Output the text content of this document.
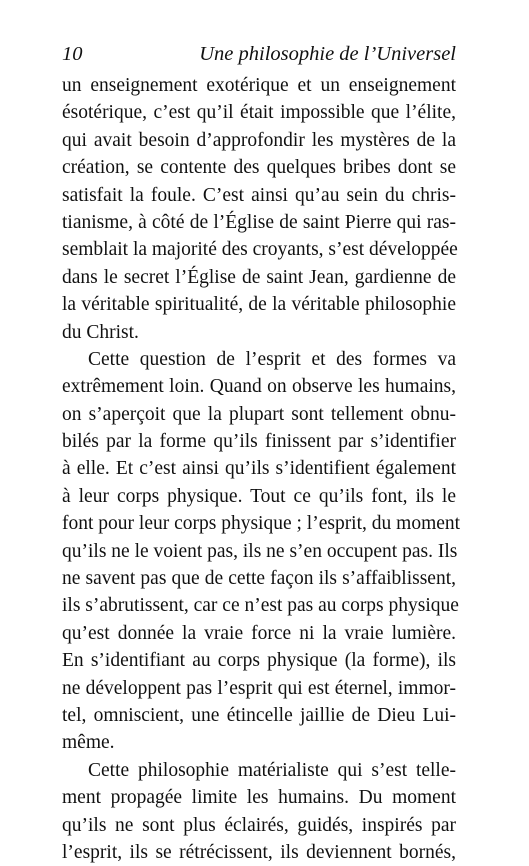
10	Une philosophie de l’Universel
un enseignement exotérique et un enseignement
ésotérique, c’est qu’il était impossible que l’élite,
qui avait besoin d’approfondir les mystères de la
création, se contente des quelques bribes dont se
satisfait la foule. C’est ainsi qu’au sein du chris-
tianisme, à côté de l’Église de saint Pierre qui ras-
semblait la majorité des croyants, s’est développée
dans le secret l’Église de saint Jean, gardienne de
la véritable spiritualité, de la véritable philosophie
du Christ.
Cette question de l’esprit et des formes va
extrêmement loin. Quand on observe les humains,
on s’aperçoit que la plupart sont tellement obnu-
bilés par la forme qu’ils finissent par s’identifier
à elle. Et c’est ainsi qu’ils s’identifient également
à leur corps physique. Tout ce qu’ils font, ils le
font pour leur corps physique ; l’esprit, du moment
qu’ils ne le voient pas, ils ne s’en occupent pas. Ils
ne savent pas que de cette façon ils s’affaiblissent,
ils s’abrutissent, car ce n’est pas au corps physique
qu’est donnée la vraie force ni la vraie lumière.
En s’identifiant au corps physique (la forme), ils
ne développent pas l’esprit qui est éternel, immor-
tel, omniscient, une étincelle jaillie de Dieu Lui-
même.
Cette philosophie matérialiste qui s’est telle-
ment propagée limite les humains. Du moment
qu’ils ne sont plus éclairés, guidés, inspirés par
l’esprit, ils se rétrécissent, ils deviennent bornés,
